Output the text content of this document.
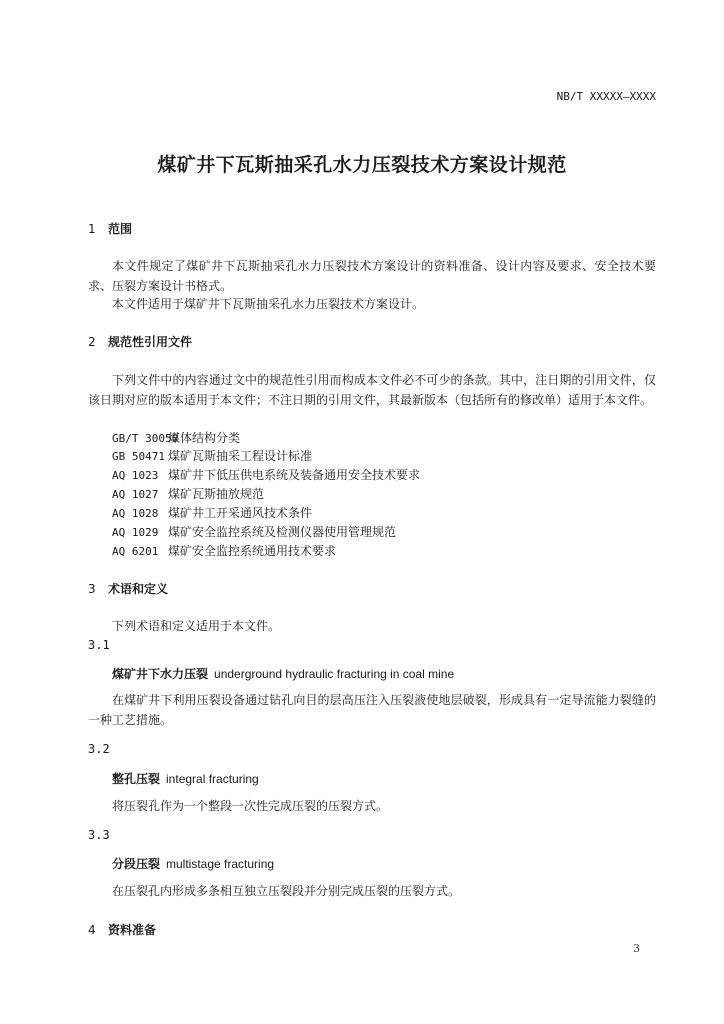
NB/T XXXXX—XXXX
煤矿井下瓦斯抽采孔水力压裂技术方案设计规范
1 范围
本文件规定了煤矿井下瓦斯抽采孔水力压裂技术方案设计的资料准备、设计内容及要求、安全技术要求、压裂方案设计书格式。
本文件适用于煤矿井下瓦斯抽采孔水力压裂技术方案设计。
2 规范性引用文件
下列文件中的内容通过文中的规范性引用而构成本文件必不可少的条款。其中，注日期的引用文件，仅该日期对应的版本适用于本文件；不注日期的引用文件，其最新版本（包括所有的修改单）适用于本文件。
GB/T 30050煤体结构分类
GB 50471 煤矿瓦斯抽采工程设计标准
AQ 1023 煤矿井下低压供电系统及装备通用安全技术要求
AQ 1027 煤矿瓦斯抽放规范
AQ 1028 煤矿井工开采通风技术条件
AQ 1029 煤矿安全监控系统及检测仪器使用管理规范
AQ 6201 煤矿安全监控系统通用技术要求
3 术语和定义
下列术语和定义适用于本文件。
3.1
煤矿井下水力压裂 underground hydraulic fracturing in coal mine
在煤矿井下利用压裂设备通过钻孔向目的层高压注入压裂液使地层破裂，形成具有一定导流能力裂缝的一种工艺措施。
3.2
整孔压裂 integral fracturing
将压裂孔作为一个整段一次性完成压裂的压裂方式。
3.3
分段压裂 multistage fracturing
在压裂孔内形成多条相互独立压裂段并分别完成压裂的压裂方式。
4 资料准备
3
